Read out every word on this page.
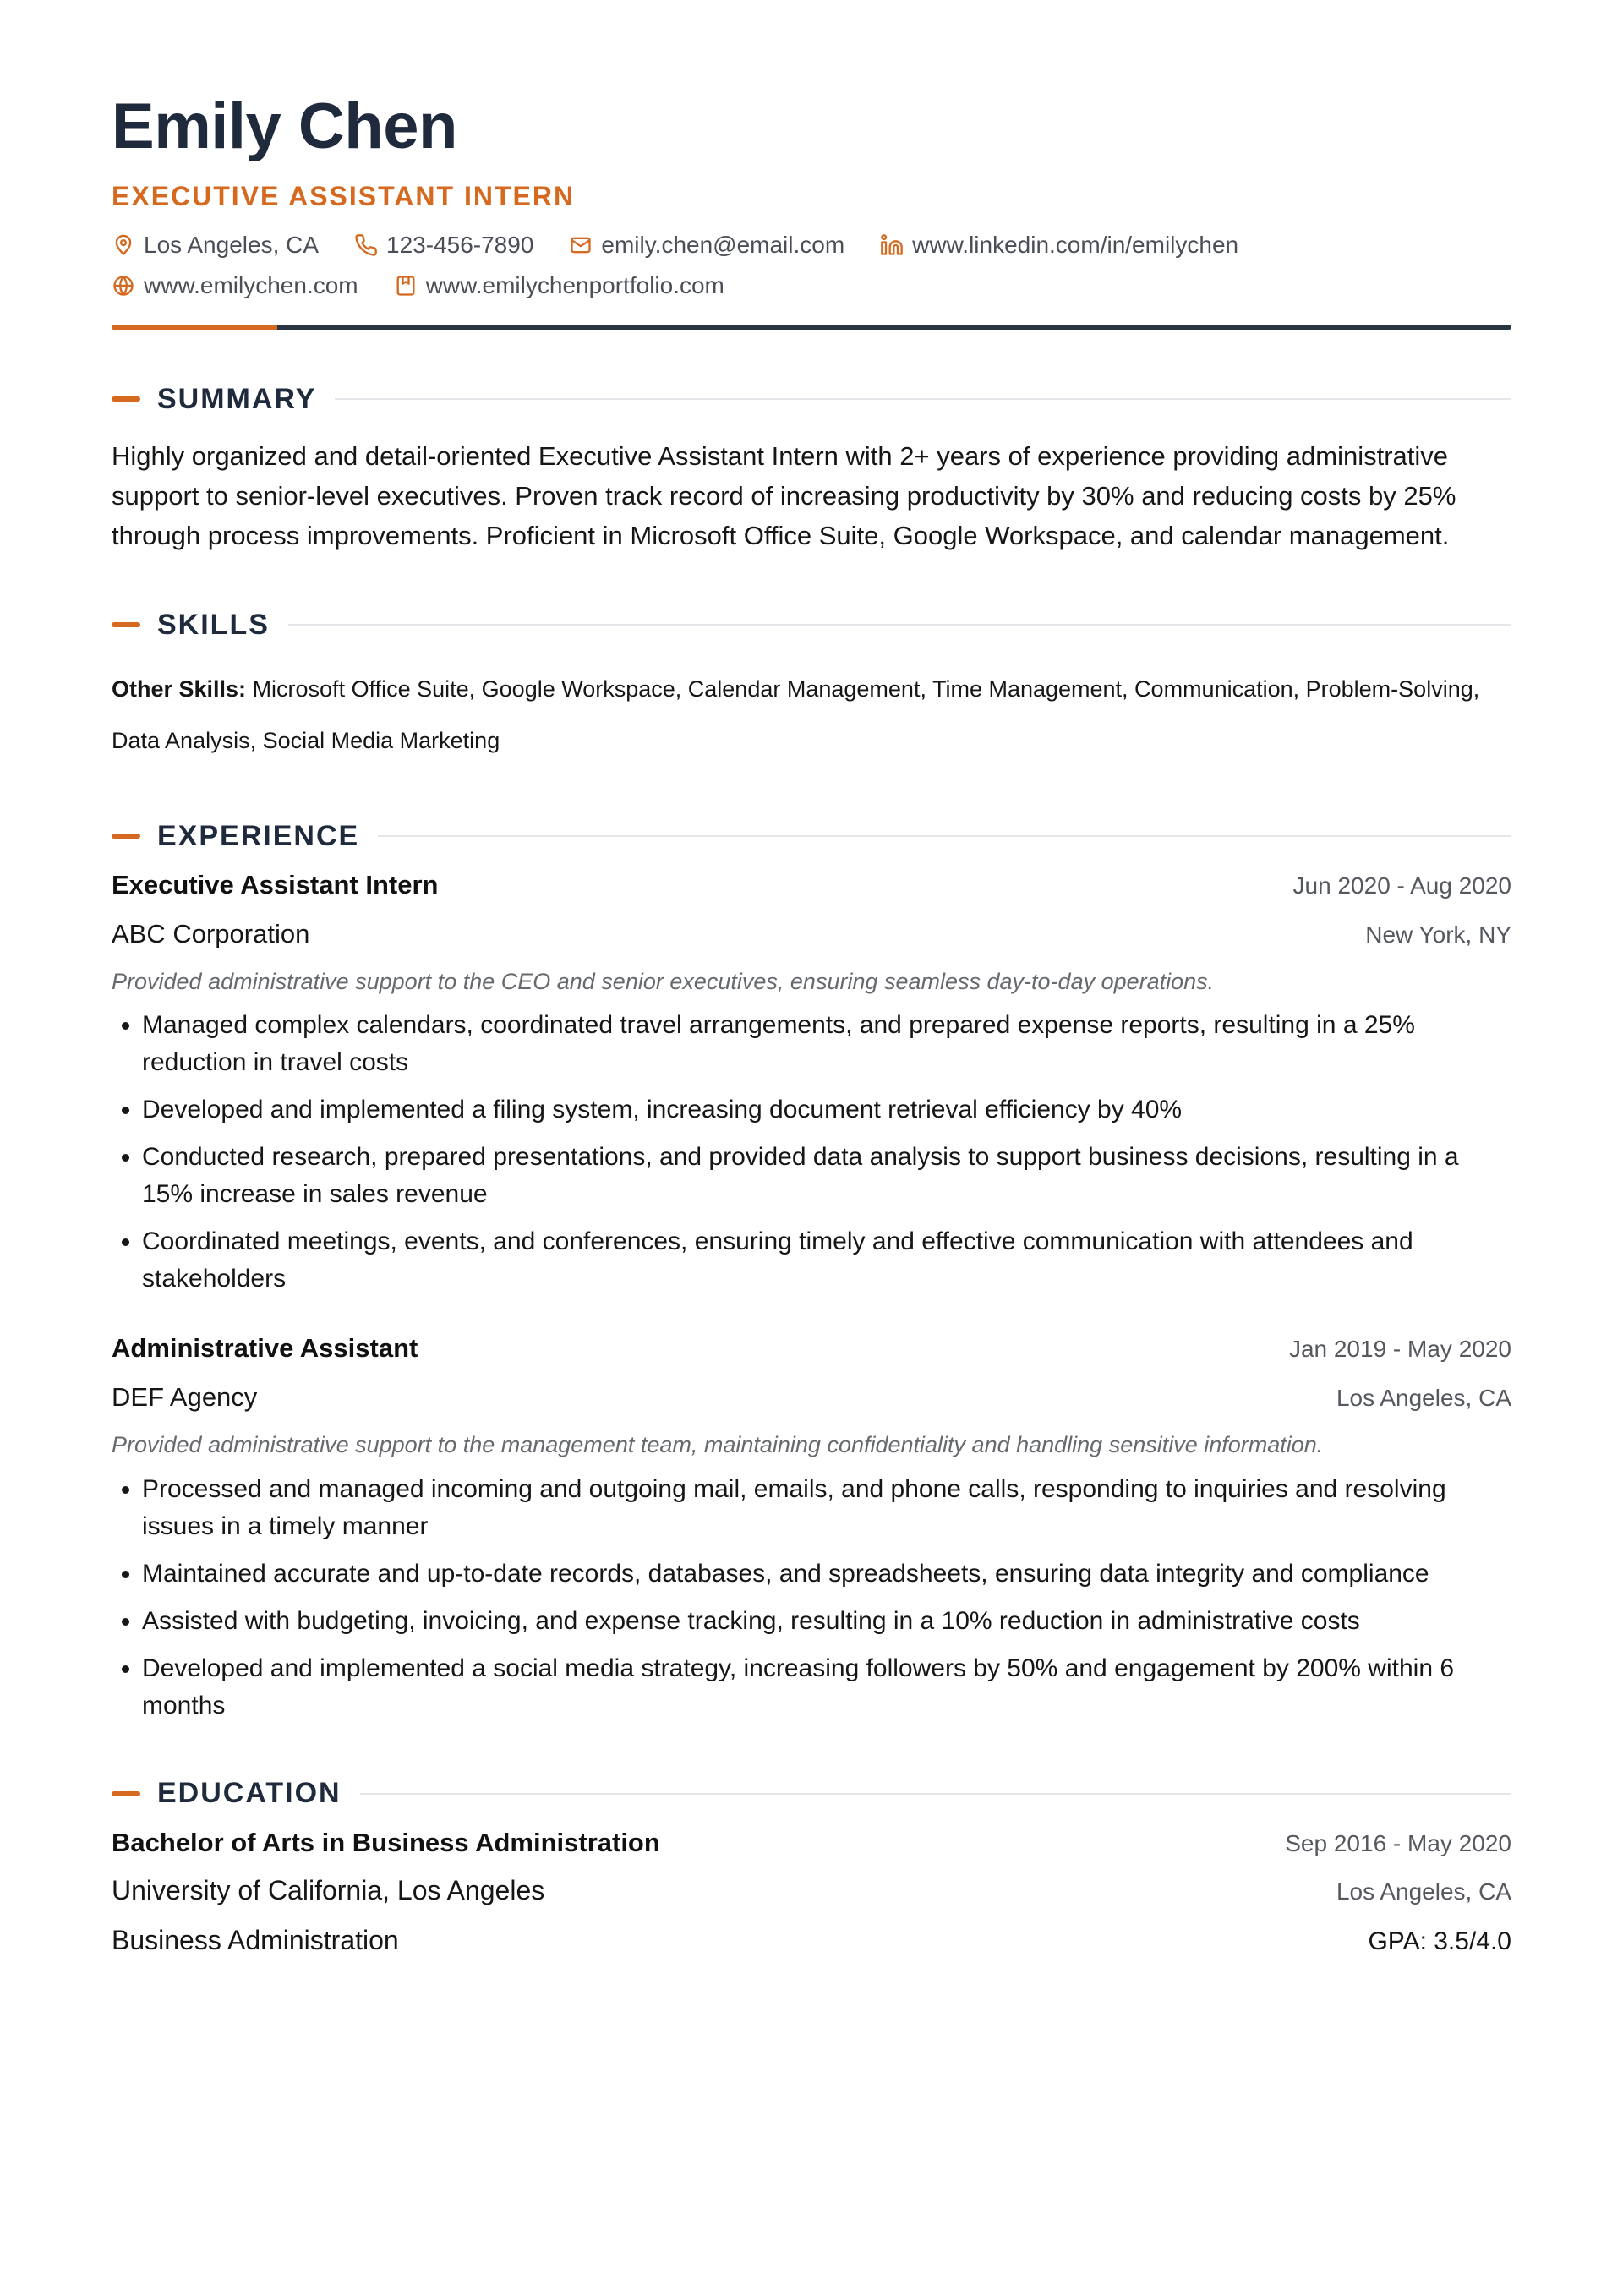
Emily Chen
EXECUTIVE ASSISTANT INTERN
Los Angeles, CA	123-456-7890	emily.chen@email.com	www.linkedin.com/in/emilychen
www.emilychen.com	www.emilychenportfolio.com
SUMMARY
Highly organized and detail-oriented Executive Assistant Intern with 2+ years of experience providing administrative support to senior-level executives. Proven track record of increasing productivity by 30% and reducing costs by 25% through process improvements. Proficient in Microsoft Office Suite, Google Workspace, and calendar management.
SKILLS
Other Skills: Microsoft Office Suite, Google Workspace, Calendar Management, Time Management, Communication, Problem-Solving, Data Analysis, Social Media Marketing
EXPERIENCE
Executive Assistant Intern	Jun 2020 - Aug 2020
ABC Corporation	New York, NY
Provided administrative support to the CEO and senior executives, ensuring seamless day-to-day operations.
• Managed complex calendars, coordinated travel arrangements, and prepared expense reports, resulting in a 25% reduction in travel costs
• Developed and implemented a filing system, increasing document retrieval efficiency by 40%
• Conducted research, prepared presentations, and provided data analysis to support business decisions, resulting in a 15% increase in sales revenue
• Coordinated meetings, events, and conferences, ensuring timely and effective communication with attendees and stakeholders
Administrative Assistant	Jan 2019 - May 2020
DEF Agency	Los Angeles, CA
Provided administrative support to the management team, maintaining confidentiality and handling sensitive information.
• Processed and managed incoming and outgoing mail, emails, and phone calls, responding to inquiries and resolving issues in a timely manner
• Maintained accurate and up-to-date records, databases, and spreadsheets, ensuring data integrity and compliance
• Assisted with budgeting, invoicing, and expense tracking, resulting in a 10% reduction in administrative costs
• Developed and implemented a social media strategy, increasing followers by 50% and engagement by 200% within 6 months
EDUCATION
Bachelor of Arts in Business Administration	Sep 2016 - May 2020
University of California, Los Angeles	Los Angeles, CA
Business Administration	GPA: 3.5/4.0
